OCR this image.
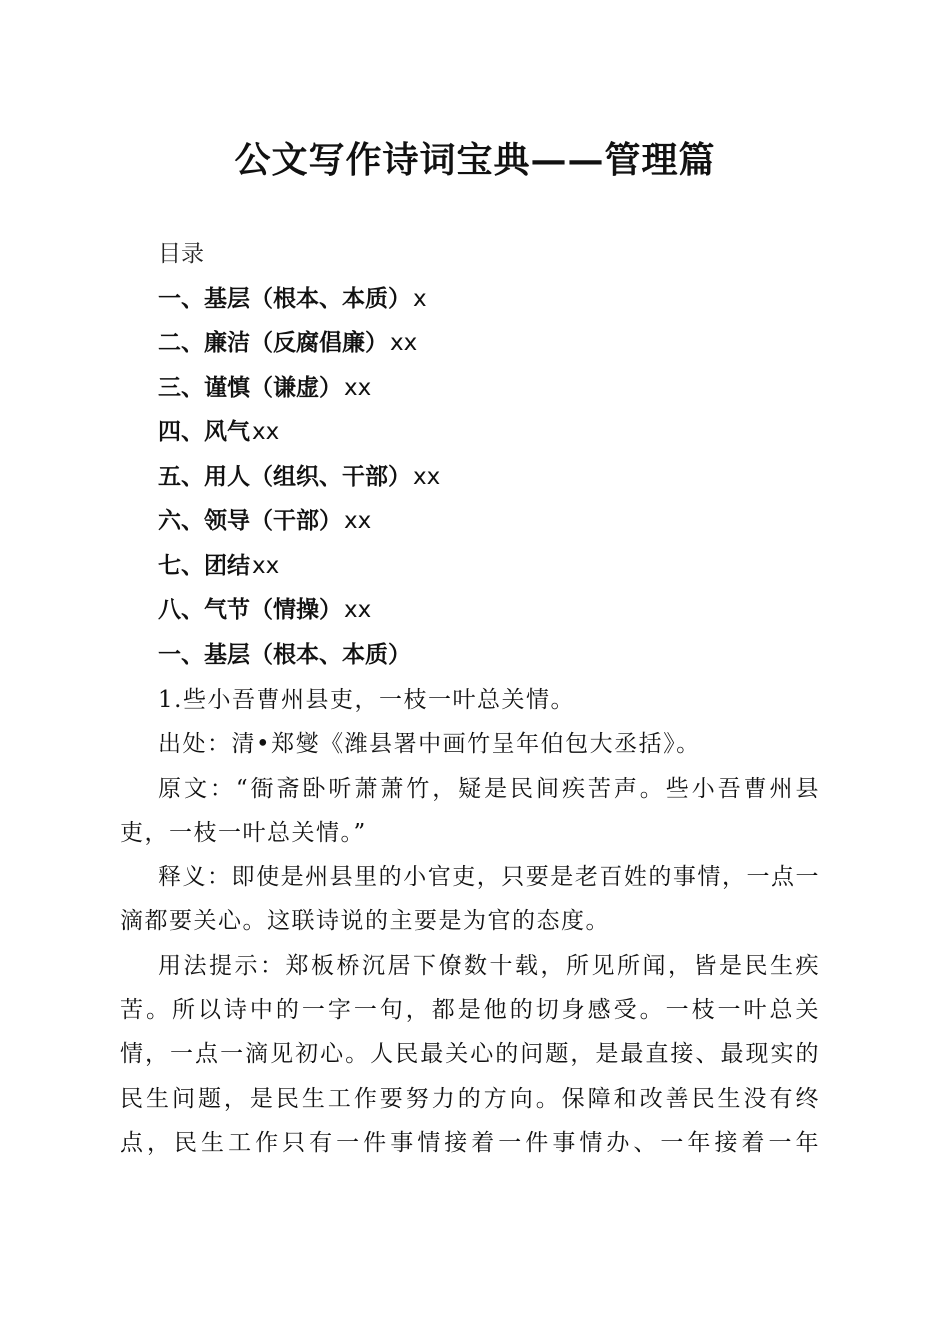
公文写作诗词宝典——管理篇
目录
一、基层（根本、本质）x
二、廉洁（反腐倡廉）xx
三、谨慎（谦虚）xx
四、风气xx
五、用人（组织、干部）xx
六、领导（干部）xx
七、团结xx
八、气节（情操）xx
一、基层（根本、本质）

1.些小吾曹州县吏，一枝一叶总关情。

出处：清•郑燮《潍县署中画竹呈年伯包大丞括》。

原文：“衙斋卧听萧萧竹，疑是民间疾苦声。些小吾曹州县吏，一枝一叶总关情。”

释义：即使是州县里的小官吏，只要是老百姓的事情，一点一滴都要关心。这联诗说的主要是为官的态度。

用法提示：郑板桥沉居下僚数十载，所见所闻，皆是民生疾苦。所以诗中的一字一句，都是他的切身感受。一枝一叶总关情，一点一滴见初心。人民最关心的问题，是最直接、最现实的民生问题，是民生工作要努力的方向。保障和改善民生没有终点，民生工作只有一件事情接着一件事情办、一年接着一年
